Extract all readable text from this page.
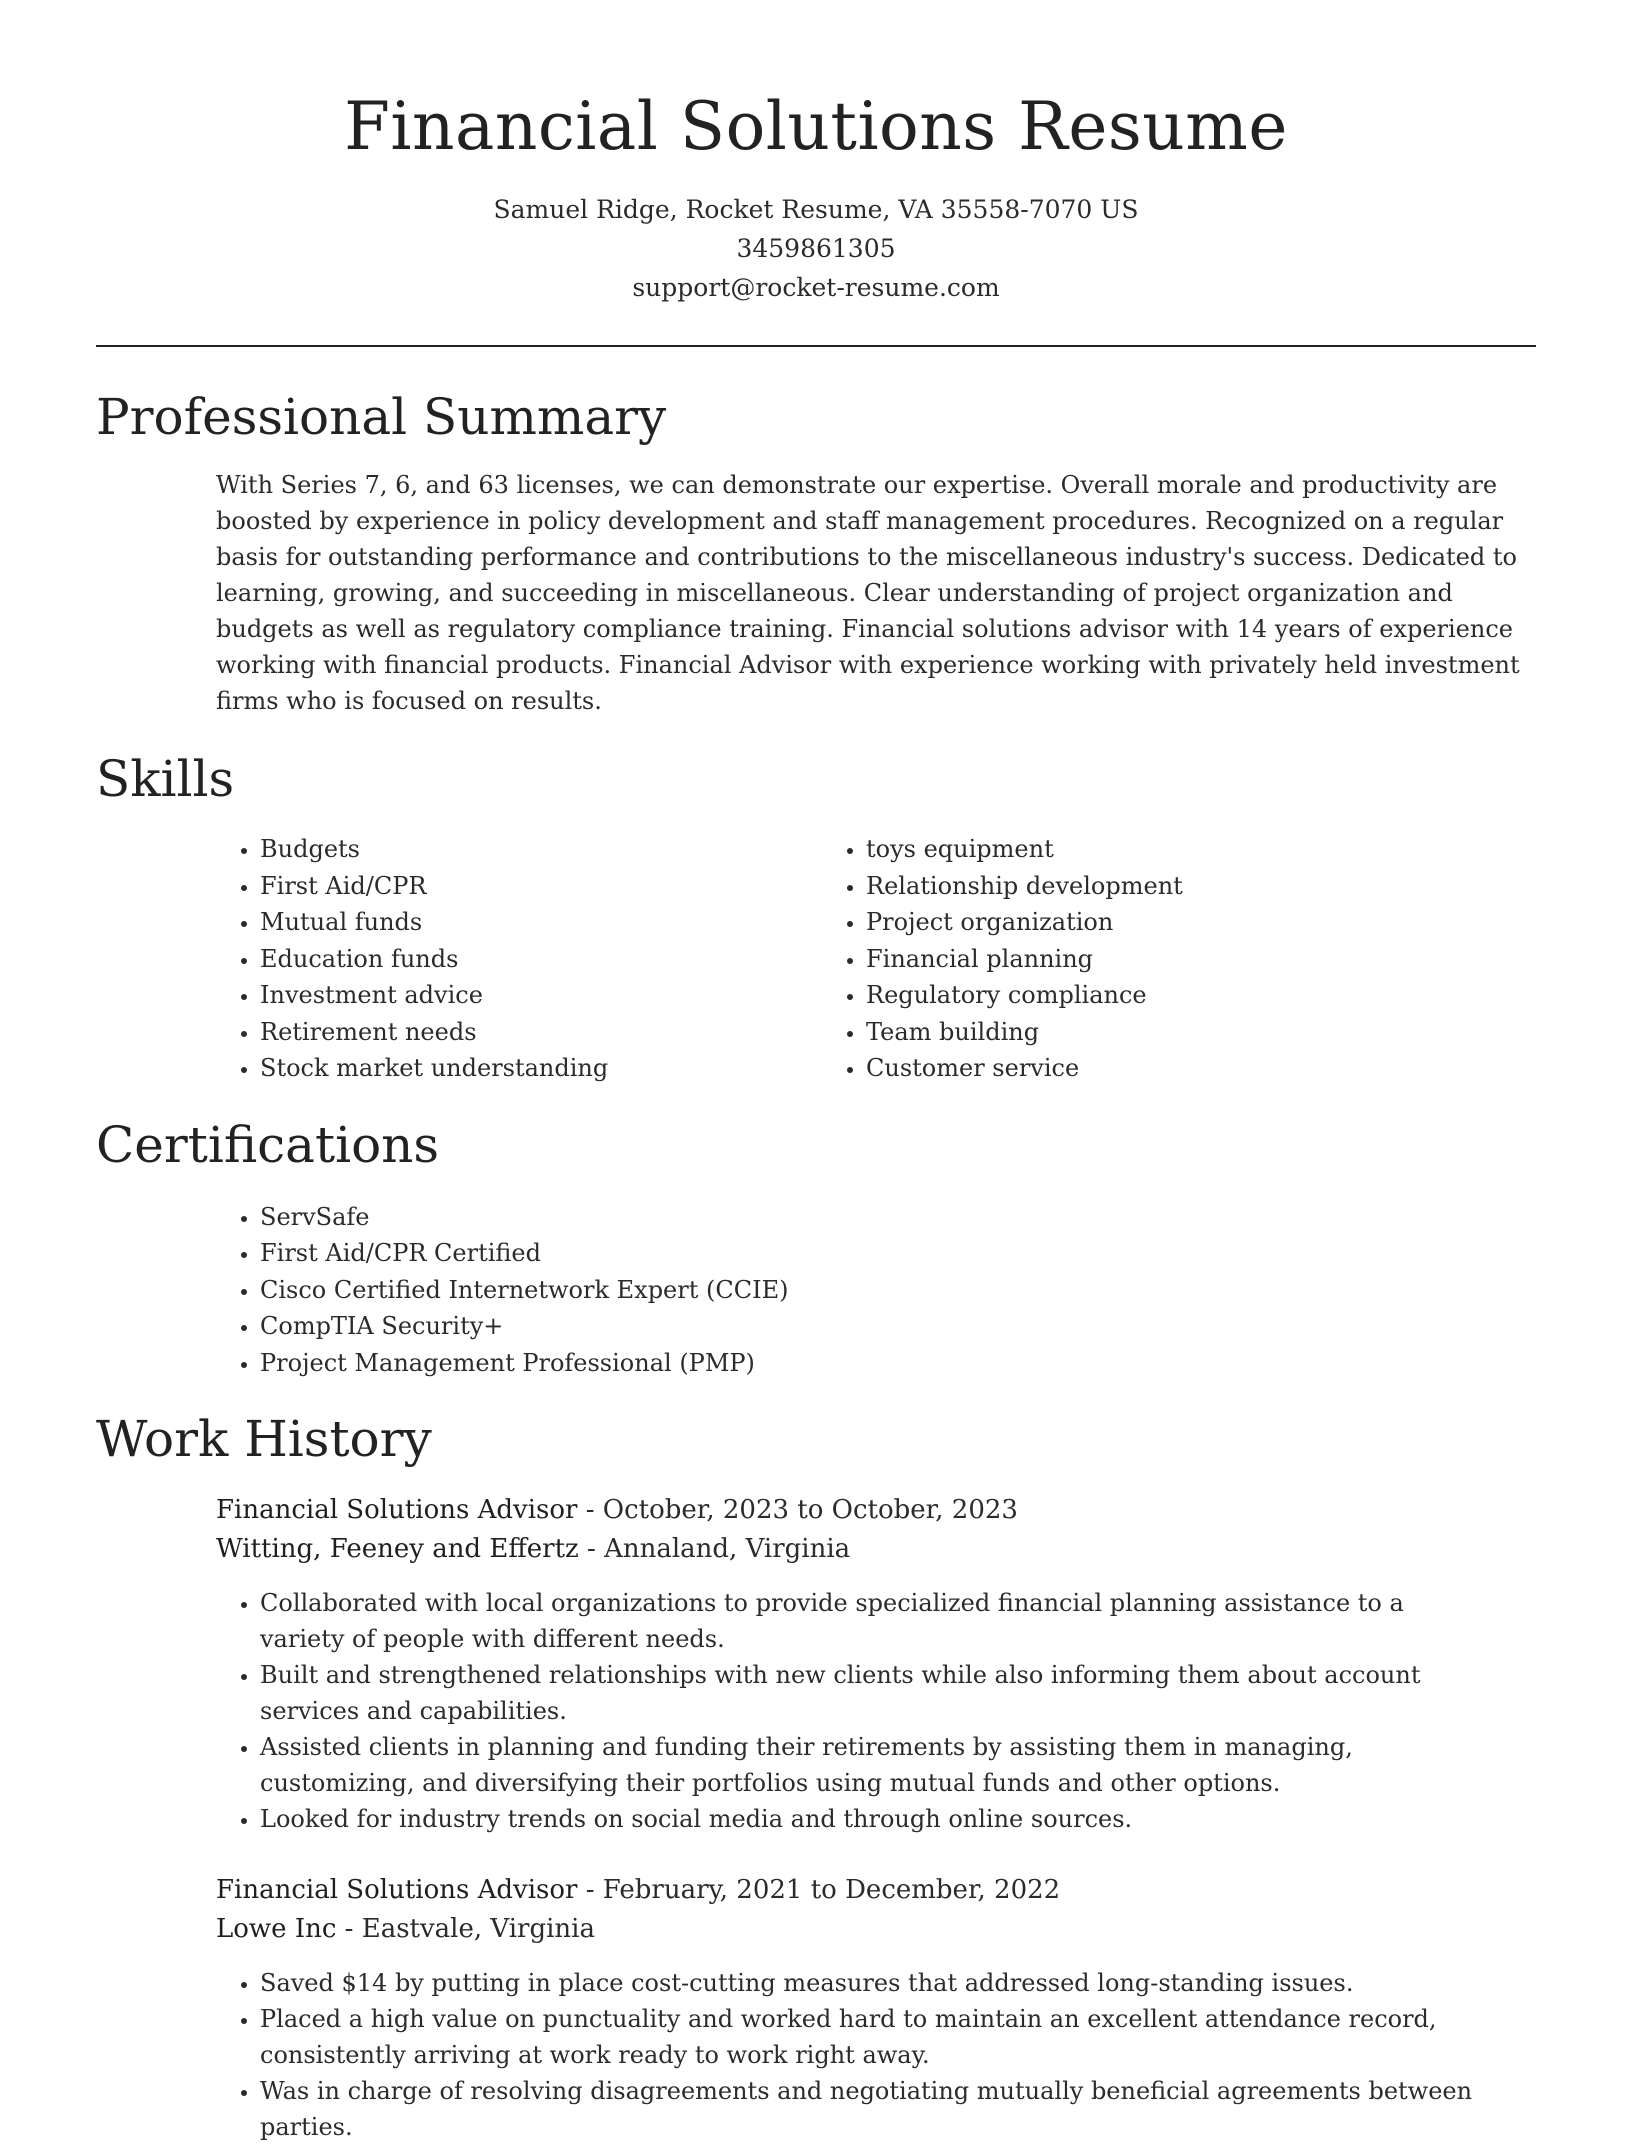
Financial Solutions Resume
Samuel Ridge, Rocket Resume, VA 35558-7070 US
3459861305
support@rocket-resume.com
Professional Summary

With Series 7, 6, and 63 licenses, we can demonstrate our expertise. Overall morale and productivity are boosted by experience in policy development and staff management procedures. Recognized on a regular basis for outstanding performance and contributions to the miscellaneous industry's success. Dedicated to learning, growing, and succeeding in miscellaneous. Clear understanding of project organization and budgets as well as regulatory compliance training. Financial solutions advisor with 14 years of experience working with financial products. Financial Advisor with experience working with privately held investment firms who is focused on results.

Skills
• Budgets
• First Aid/CPR
• Mutual funds
• Education funds
• Investment advice
• Retirement needs
• Stock market understanding
• toys equipment
• Relationship development
• Project organization
• Financial planning
• Regulatory compliance
• Team building
• Customer service
Certifications
• ServSafe
• First Aid/CPR Certified
• Cisco Certified Internetwork Expert (CCIE)
• CompTIA Security+
• Project Management Professional (PMP)
Work History
Financial Solutions Advisor - October, 2023 to October, 2023
Witting, Feeney and Effertz - Annaland, Virginia
• Collaborated with local organizations to provide specialized financial planning assistance to a variety of people with different needs.
• Built and strengthened relationships with new clients while also informing them about account services and capabilities.
• Assisted clients in planning and funding their retirements by assisting them in managing, customizing, and diversifying their portfolios using mutual funds and other options.
• Looked for industry trends on social media and through online sources.
Financial Solutions Advisor - February, 2021 to December, 2022
Lowe Inc - Eastvale, Virginia
• Saved $14 by putting in place cost-cutting measures that addressed long-standing issues.
• Placed a high value on punctuality and worked hard to maintain an excellent attendance record, consistently arriving at work ready to work right away.
• Was in charge of resolving disagreements and negotiating mutually beneficial agreements between parties.
